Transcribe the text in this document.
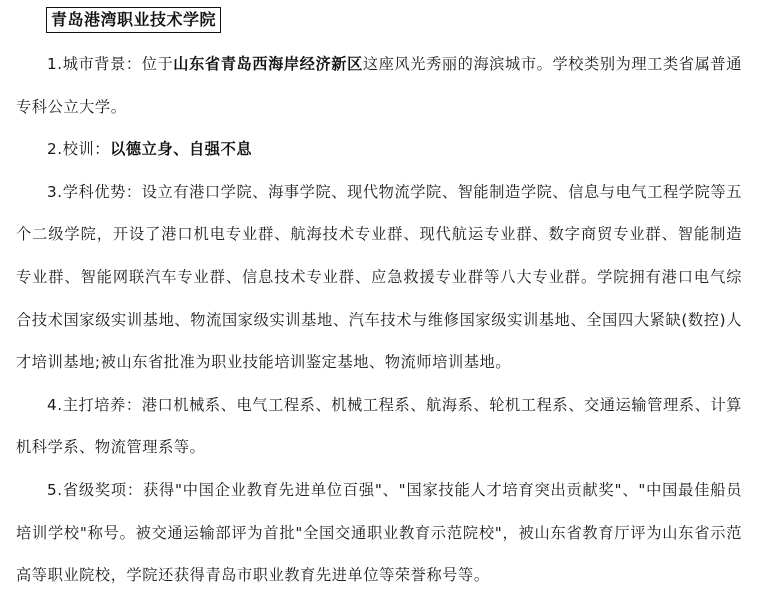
青岛港湾职业技术学院

1.城市背景：位于山东省青岛西海岸经济新区这座风光秀丽的海滨城市。学校类别为理工类省属普通专科公立大学。

2.校训：以德立身、自强不息

3.学科优势：设立有港口学院、海事学院、现代物流学院、智能制造学院、信息与电气工程学院等五个二级学院，开设了港口机电专业群、航海技术专业群、现代航运专业群、数字商贸专业群、智能制造专业群、智能网联汽车专业群、信息技术专业群、应急救援专业群等八大专业群。学院拥有港口电气综合技术国家级实训基地、物流国家级实训基地、汽车技术与维修国家级实训基地、全国四大紧缺(数控)人才培训基地;被山东省批准为职业技能培训鉴定基地、物流师培训基地。

4.主打培养：港口机械系、电气工程系、机械工程系、航海系、轮机工程系、交通运输管理系、计算机科学系、物流管理系等。

5.省级奖项：获得"中国企业教育先进单位百强"、"国家技能人才培育突出贡献奖"、"中国最佳船员培训学校"称号。被交通运输部评为首批"全国交通职业教育示范院校"，被山东省教育厅评为山东省示范高等职业院校，学院还获得青岛市职业教育先进单位等荣誉称号等。
